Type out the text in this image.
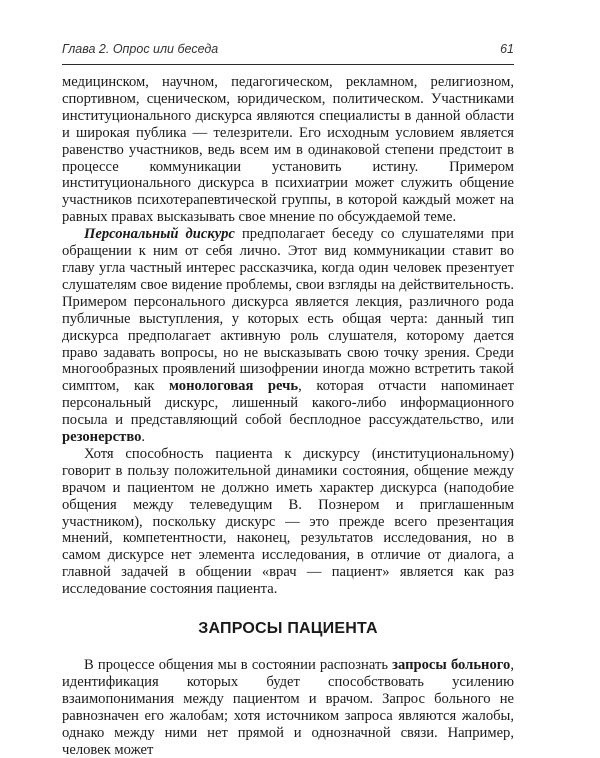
Глава 2. Опрос или беседа	61

медицинском, научном, педагогическом, рекламном, религиозном, спортивном, сценическом, юридическом, политическом. Участниками институционального дискурса являются специалисты в данной области и широкая публика — телезрители. Его исходным условием является равенство участников, ведь всем им в одинаковой степени предстоит в процессе коммуникации установить истину. Примером институционального дискурса в психиатрии может служить общение участников психотерапевтической группы, в которой каждый может на равных правах высказывать свое мнение по обсуждаемой теме.

Персональный дискурс предполагает беседу со слушателями при обращении к ним от себя лично. Этот вид коммуникации ставит во главу угла частный интерес рассказчика, когда один человек презентует слушателям свое видение проблемы, свои взгляды на действительность. Примером персонального дискурса является лекция, различного рода публичные выступления, у которых есть общая черта: данный тип дискурса предполагает активную роль слушателя, которому дается право задавать вопросы, но не высказывать свою точку зрения. Среди многообразных проявлений шизофрении иногда можно встретить такой симптом, как монологовая речь, которая отчасти напоминает персональный дискурс, лишенный какого-либо информационного посыла и представляющий собой бесплодное рассуждательство, или резонерство.

Хотя способность пациента к дискурсу (институциональному) говорит в пользу положительной динамики состояния, общение между врачом и пациентом не должно иметь характер дискурса (наподобие общения между телеведущим В. Познером и приглашенным участником), поскольку дискурс — это прежде всего презентация мнений, компетентности, наконец, результатов исследования, но в самом дискурсе нет элемента исследования, в отличие от диалога, а главной задачей в общении «врач — пациент» является как раз исследование состояния пациента.

ЗАПРОСЫ ПАЦИЕНТА

В процессе общения мы в состоянии распознать запросы больного, идентификация которых будет способствовать усилению взаимопонимания между пациентом и врачом. Запрос больного не равнозначен его жалобам; хотя источником запроса являются жалобы, однако между ними нет прямой и однозначной связи. Например, человек может
